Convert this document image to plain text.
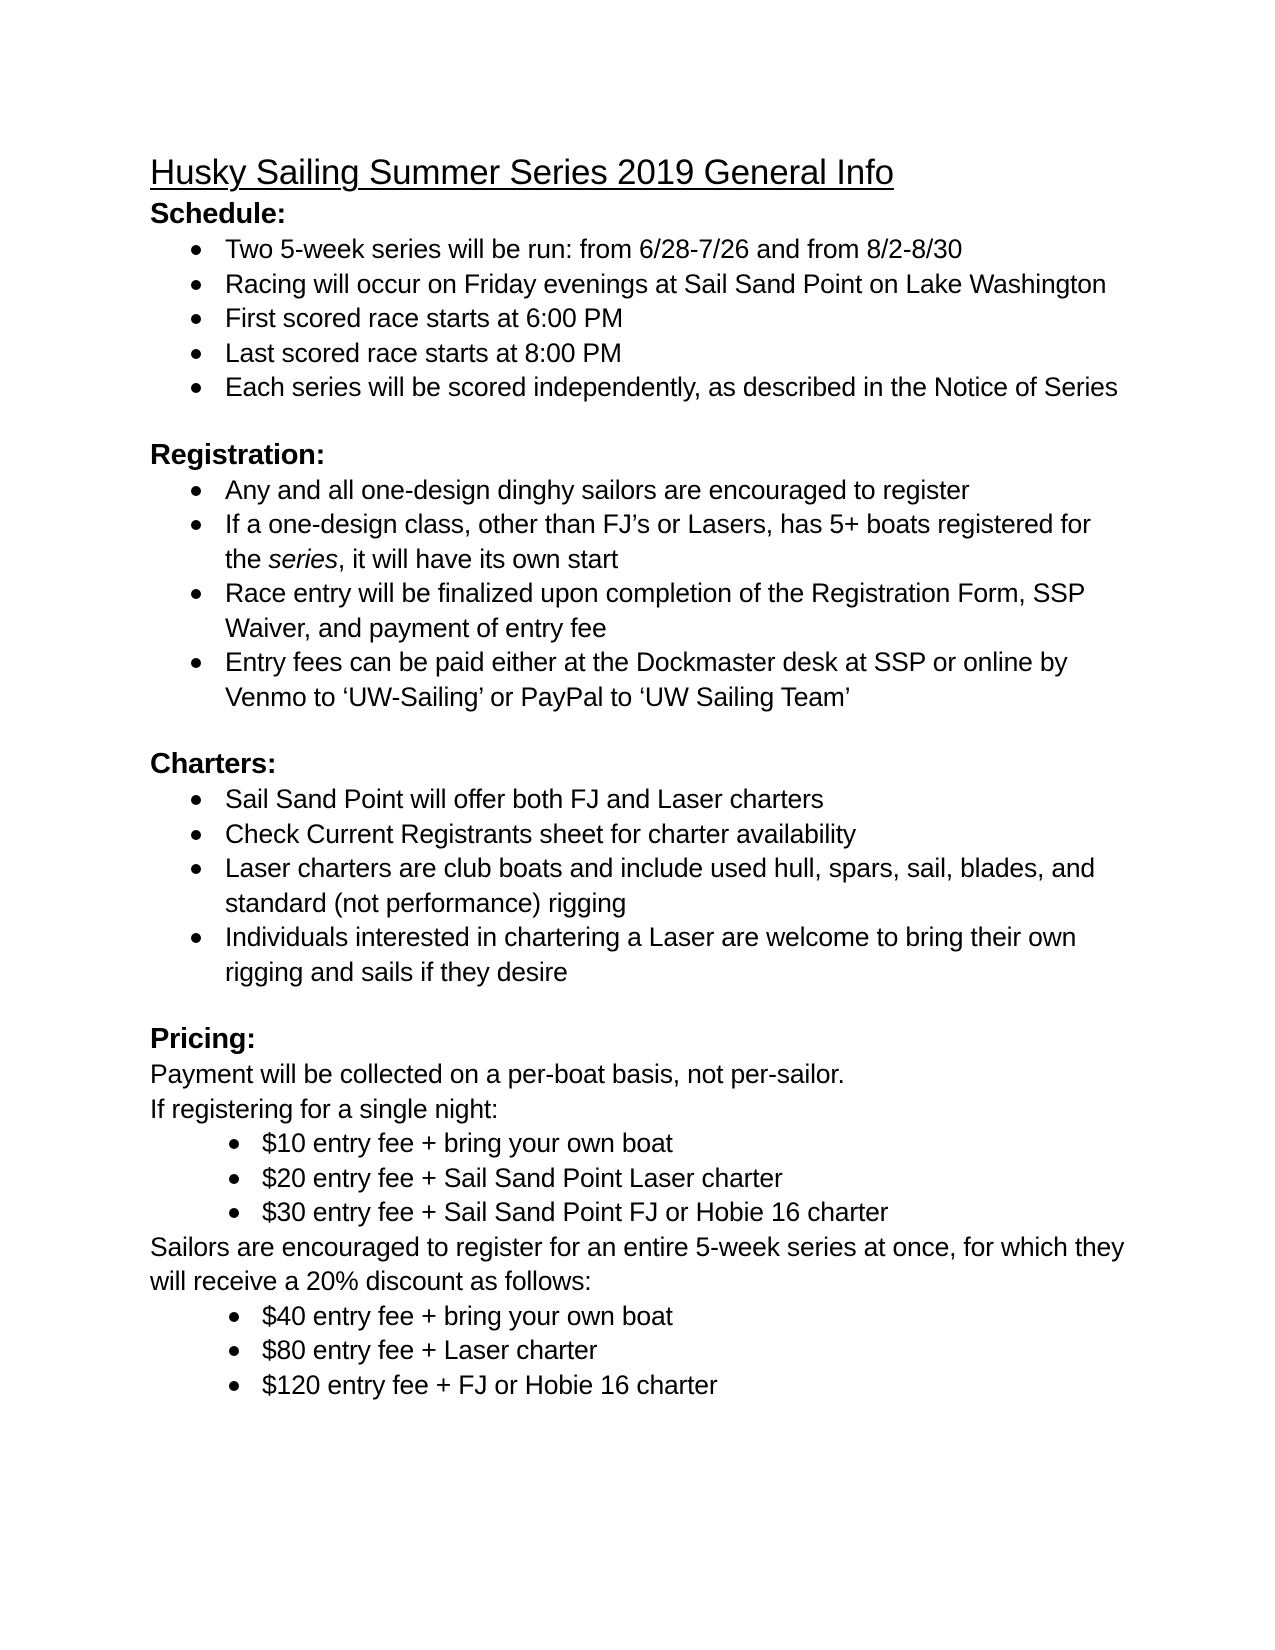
Husky Sailing Summer Series 2019 General Info
Schedule:
Two 5-week series will be run: from 6/28-7/26 and from 8/2-8/30
Racing will occur on Friday evenings at Sail Sand Point on Lake Washington
First scored race starts at 6:00 PM
Last scored race starts at 8:00 PM
Each series will be scored independently, as described in the Notice of Series
Registration:
Any and all one-design dinghy sailors are encouraged to register
If a one-design class, other than FJ’s or Lasers, has 5+ boats registered for the series, it will have its own start
Race entry will be finalized upon completion of the Registration Form, SSP Waiver, and payment of entry fee
Entry fees can be paid either at the Dockmaster desk at SSP or online by Venmo to ‘UW-Sailing’ or PayPal to ‘UW Sailing Team’
Charters:
Sail Sand Point will offer both FJ and Laser charters
Check Current Registrants sheet for charter availability
Laser charters are club boats and include used hull, spars, sail, blades, and standard (not performance) rigging
Individuals interested in chartering a Laser are welcome to bring their own rigging and sails if they desire
Pricing:

Payment will be collected on a per-boat basis, not per-sailor.

If registering for a single night:

$10 entry fee + bring your own boat
$20 entry fee + Sail Sand Point Laser charter
$30 entry fee + Sail Sand Point FJ or Hobie 16 charter

Sailors are encouraged to register for an entire 5-week series at once, for which they will receive a 20% discount as follows:

$40 entry fee + bring your own boat
$80 entry fee + Laser charter
$120 entry fee + FJ or Hobie 16 charter
